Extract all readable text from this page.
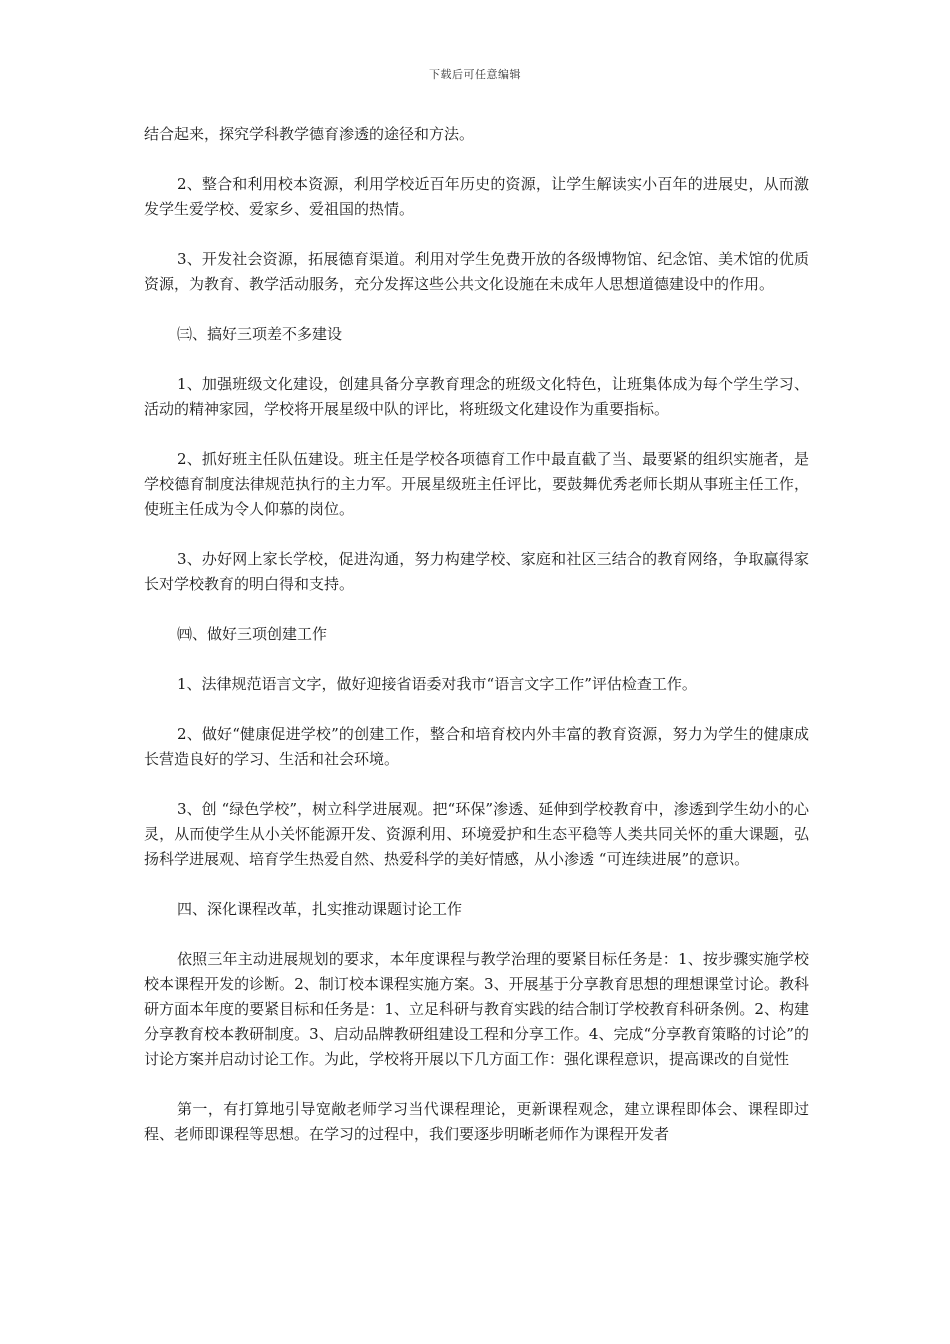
下载后可任意编辑

结合起来，探究学科教学德育渗透的途径和方法。

2、整合和利用校本资源，利用学校近百年历史的资源，让学生解读实小百年的进展史，从而激发学生爱学校、爱家乡、爱祖国的热情。

3、开发社会资源，拓展德育渠道。利用对学生免费开放的各级博物馆、纪念馆、美术馆的优质资源，为教育、教学活动服务，充分发挥这些公共文化设施在未成年人思想道德建设中的作用。

㈢、搞好三项差不多建设

1、加强班级文化建设，创建具备分享教育理念的班级文化特色，让班集体成为每个学生学习、活动的精神家园，学校将开展星级中队的评比，将班级文化建设作为重要指标。

2、抓好班主任队伍建设。班主任是学校各项德育工作中最直截了当、最要紧的组织实施者，是学校德育制度法律规范执行的主力军。开展星级班主任评比，要鼓舞优秀老师长期从事班主任工作，使班主任成为令人仰慕的岗位。

3、办好网上家长学校，促进沟通，努力构建学校、家庭和社区三结合的教育网络，争取赢得家长对学校教育的明白得和支持。

㈣、做好三项创建工作

1、法律规范语言文字，做好迎接省语委对我市“语言文字工作”评估检查工作。

2、做好“健康促进学校”的创建工作，整合和培育校内外丰富的教育资源，努力为学生的健康成长营造良好的学习、生活和社会环境。

3、创 “绿色学校”，树立科学进展观。把“环保”渗透、延伸到学校教育中，渗透到学生幼小的心灵，从而使学生从小关怀能源开发、资源利用、环境爱护和生态平稳等人类共同关怀的重大课题，弘扬科学进展观、培育学生热爱自然、热爱科学的美好情感，从小渗透 “可连续进展”的意识。

四、深化课程改革，扎实推动课题讨论工作

依照三年主动进展规划的要求，本年度课程与教学治理的要紧目标任务是：1、按步骤实施学校校本课程开发的诊断。2、制订校本课程实施方案。3、开展基于分享教育思想的理想课堂讨论。教科研方面本年度的要紧目标和任务是：1、立足科研与教育实践的结合制订学校教育科研条例。2、构建分享教育校本教研制度。3、启动品牌教研组建设工程和分享工作。4、完成“分享教育策略的讨论”的讨论方案并启动讨论工作。为此，学校将开展以下几方面工作：强化课程意识，提高课改的自觉性

第一，有打算地引导宽敞老师学习当代课程理论，更新课程观念，建立课程即体会、课程即过程、老师即课程等思想。在学习的过程中，我们要逐步明晰老师作为课程开发者
